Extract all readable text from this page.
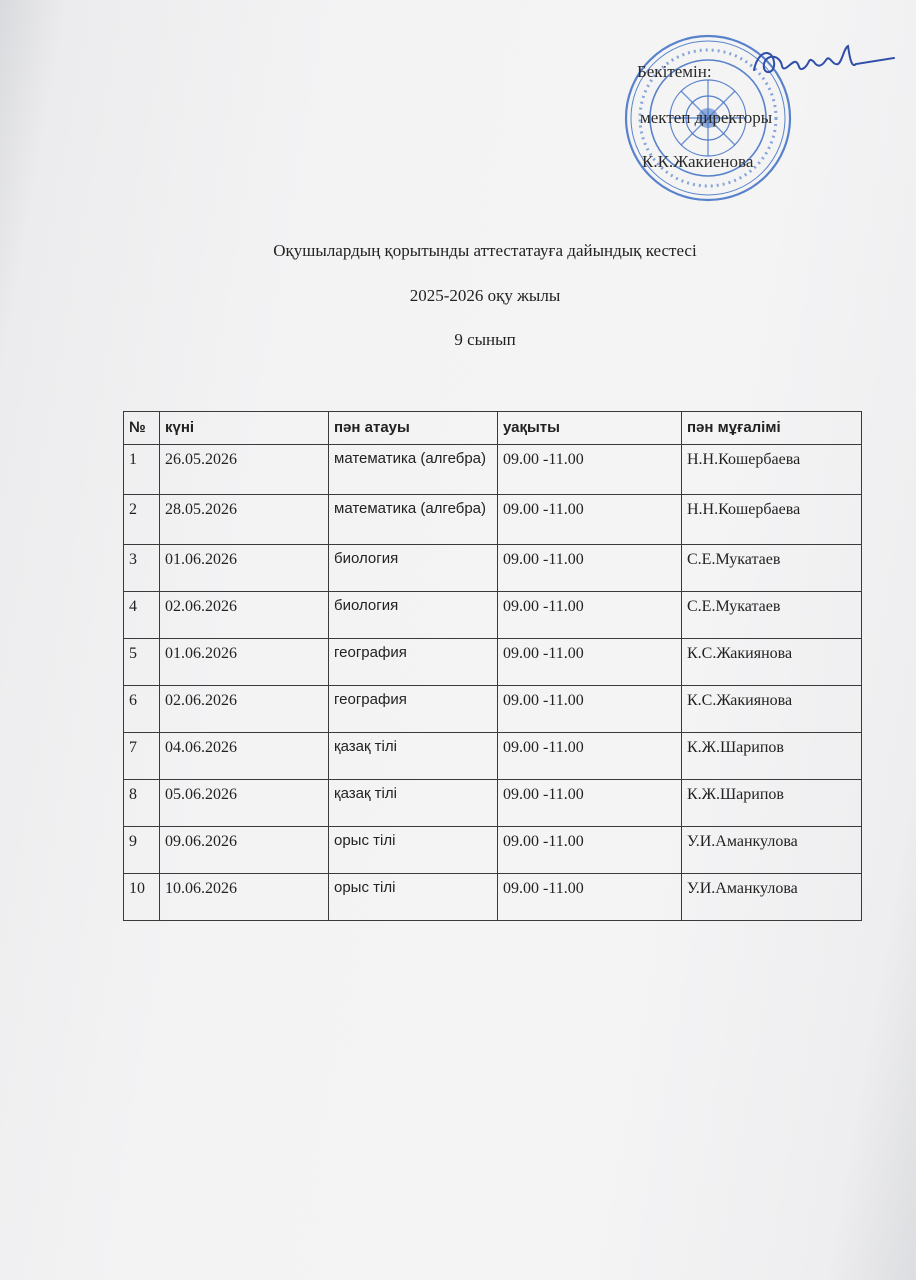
Бекітемін:
мектеп директоры
К.К.Жакиенова
Оқушылардың қорытынды аттестатауға дайындық кестесі
2025-2026 оқу жылы
9 сынып
№	күні	пән атауы	уақыты	пән мұғалімі
1	26.05.2026	математика (алгебра)	09.00 -11.00	Н.Н.Кошербаева
2	28.05.2026	математика (алгебра)	09.00 -11.00	Н.Н.Кошербаева
3	01.06.2026	биология	09.00 -11.00	С.Е.Мукатаев
4	02.06.2026	биология	09.00 -11.00	С.Е.Мукатаев
5	01.06.2026	география	09.00 -11.00	К.С.Жакиянова
6	02.06.2026	география	09.00 -11.00	К.С.Жакиянова
7	04.06.2026	қазақ тілі	09.00 -11.00	К.Ж.Шарипов
8	05.06.2026	қазақ тілі	09.00 -11.00	К.Ж.Шарипов
9	09.06.2026	орыс тілі	09.00 -11.00	У.И.Аманкулова
10	10.06.2026	орыс тілі	09.00 -11.00	У.И.Аманкулова
